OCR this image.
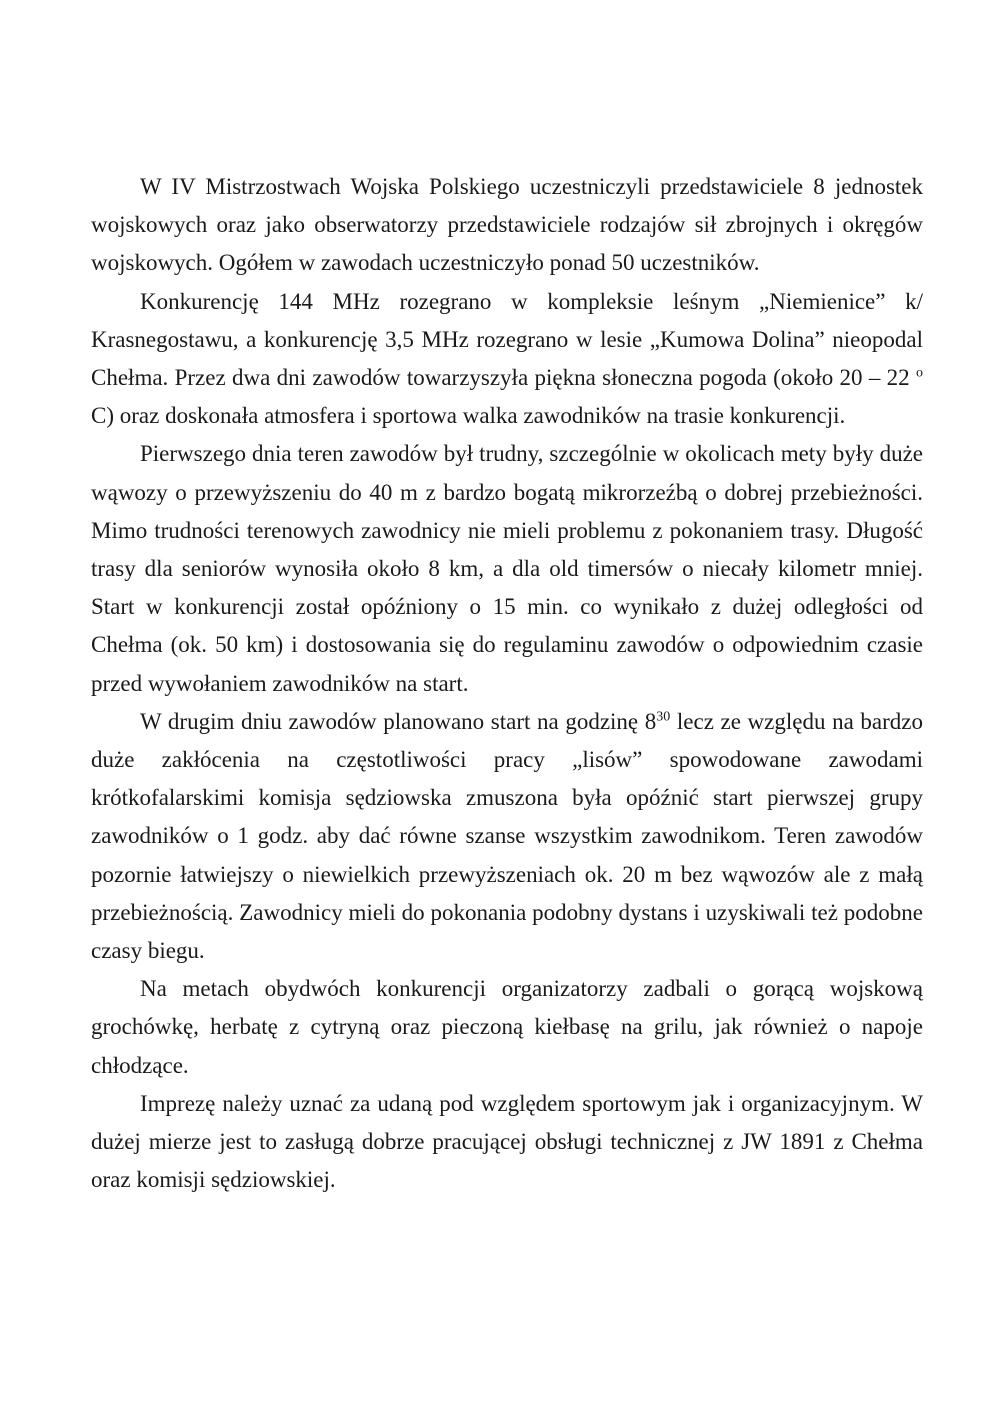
W IV Mistrzostwach Wojska Polskiego uczestniczyli przedstawiciele 8 jednostek wojskowych oraz jako obserwatorzy przedstawiciele rodzajów sił zbrojnych i okręgów wojskowych. Ogółem w zawodach uczestniczyło ponad 50 uczestników.

Konkurencję 144 MHz rozegrano w kompleksie leśnym „Niemienice” k/ Krasnegostawu, a konkurencję 3,5 MHz rozegrano w lesie „Kumowa Dolina” nieopodal Chełma. Przez dwa dni zawodów towarzyszyła piękna słoneczna pogoda (około 20 – 22 $^o$ C) oraz doskonała atmosfera i sportowa walka zawodników na trasie konkurencji.

Pierwszego dnia teren zawodów był trudny, szczególnie w okolicach mety były duże wąwozy o przewyższeniu do 40 m z bardzo bogatą mikrorzeźbą o dobrej przebieżności. Mimo trudności terenowych zawodnicy nie mieli problemu z pokonaniem trasy. Długość trasy dla seniorów wynosiła około 8 km, a dla old timersów o niecały kilometr mniej. Start w konkurencji został opóźniony o 15 min. co wynikało z dużej odległości od Chełma (ok. 50 km) i dostosowania się do regulaminu zawodów o odpowiednim czasie przed wywołaniem zawodników na start.

W drugim dniu zawodów planowano start na godzinę $8^{30}$ lecz ze względu na bardzo duże zakłócenia na częstotliwości pracy „lisów” spowodowane zawodami krótkofalarskimi komisja sędziowska zmuszona była opóźnić start pierwszej grupy zawodników o 1 godz. aby dać równe szanse wszystkim zawodnikom. Teren zawodów pozornie łatwiejszy o niewielkich przewyższeniach ok. 20 m bez wąwozów ale z małą przebieżnością. Zawodnicy mieli do pokonania podobny dystans i uzyskiwali też podobne czasy biegu.

Na metach obydwóch konkurencji organizatorzy zadbali o gorącą wojskową grochówkę, herbatę z cytryną oraz pieczoną kiełbasę na grilu, jak również o napoje chłodzące.

Imprezę należy uznać za udaną pod względem sportowym jak i organizacyjnym. W dużej mierze jest to zasługą dobrze pracującej obsługi technicznej z JW 1891 z Chełma oraz komisji sędziowskiej.
